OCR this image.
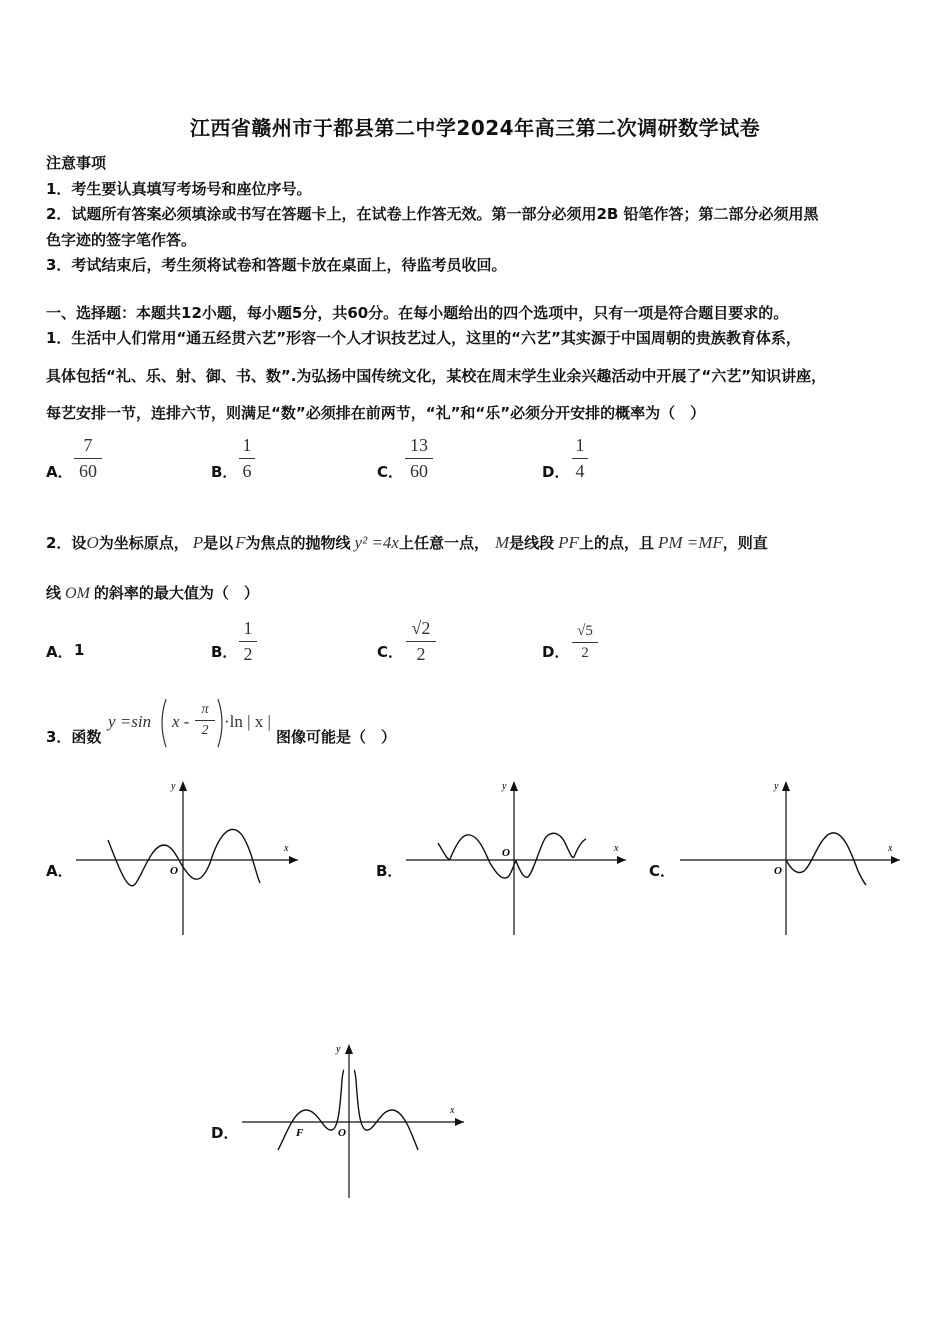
江西省赣州市于都县第二中学2024年高三第二次调研数学试卷
注意事项
1．考生要认真填写考场号和座位序号。
2．试题所有答案必须填涂或书写在答题卡上，在试卷上作答无效。第一部分必须用2B 铅笔作答；第二部分必须用黑
色字迹的签字笔作答。
3．考试结束后，考生须将试卷和答题卡放在桌面上，待监考员收回。
一、选择题：本题共12小题，每小题5分，共60分。在每小题给出的四个选项中，只有一项是符合题目要求的。
1．生活中人们常用“通五经贯六艺”形容一个人才识技艺过人，这里的“六艺”其实源于中国周朝的贵族教育体系，
具体包括“礼、乐、射、御、书、数”.为弘扬中国传统文化，某校在周末学生业余兴趣活动中开展了“六艺”知识讲座，
每艺安排一节，连排六节，则满足“数”必须排在前两节，“礼”和“乐”必须分开安排的概率为（　）
A．
7
60	B．
1
6	C．
13
60	D．
1
4
2．设O为坐标原点， P是以 F为焦点的抛物线 y² =4x上任意一点， M是线段 PF上的点，且 PM =MF，则直
线 OM 的斜率的最大值为（　）
A． 1	B．
1
2	C．
√2
2	D．
√5
2
3．函数
y =sin x -
π
2 ·ln | x |
图像可能是（　）
A．
x
y
O	B．
x
y
O
C．
x
y
O
D．
x
y
O
F
